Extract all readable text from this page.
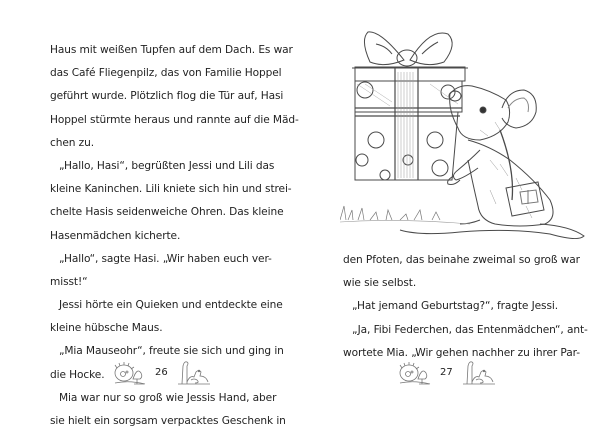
Haus mit weißen Tupfen auf dem Dach. Es war
das Café Fliegenpilz, das von Familie Hoppel
geführt wurde. Plötzlich flog die Tür auf, Hasi
Hoppel stürmte heraus und rannte auf die Mäd-
chen zu.
„Hallo, Hasi“, begrüßten Jessi und Lili das
kleine Kaninchen. Lili kniete sich hin und strei-
chelte Hasis seidenweiche Ohren. Das kleine
Hasenmädchen kicherte.
„Hallo“, sagte Hasi. „Wir haben euch ver-
misst!“
Jessi hörte ein Quieken und entdeckte eine
kleine hübsche Maus.
„Mia Mauseohr“, freute sie sich und ging in
die Hocke.
Mia war nur so groß wie Jessis Hand, aber
sie hielt ein sorgsam verpacktes Geschenk in
26
den Pfoten, das beinahe zweimal so groß war
wie sie selbst.
„Hat jemand Geburtstag?“, fragte Jessi.
„Ja, Fibi Federchen, das Entenmädchen“, ant-
wortete Mia. „Wir gehen nachher zu ihrer Par-
27
